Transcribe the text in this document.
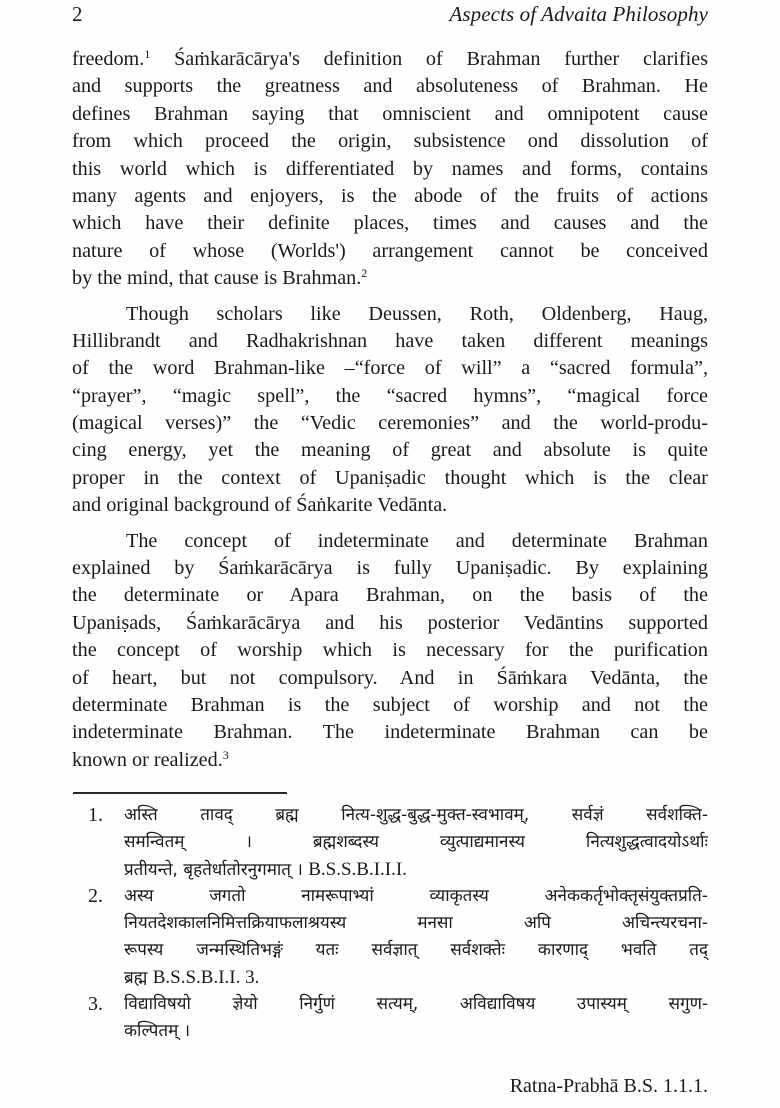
2	Aspects of Advaita Philosophy
freedom.$^1$ Śaṁkarācārya's definition of Brahman further clarifies
and supports the greatness and absoluteness of Brahman. He
defines Brahman saying that omniscient and omnipotent cause
from which proceed the origin, subsistence ond dissolution of
this world which is differentiated by names and forms, contains
many agents and enjoyers, is the abode of the fruits of actions
which have their definite places, times and causes and the
nature of whose (Worlds') arrangement cannot be conceived
by the mind, that cause is Brahman.$^2$
Though scholars like Deussen, Roth, Oldenberg, Haug,
Hillibrandt and Radhakrishnan have taken different meanings
of the word Brahman-like –“force of will” a “sacred formula”,
“prayer”, “magic spell”, the “sacred hymns”, “magical force
(magical verses)” the “Vedic ceremonies” and the world-produ-
cing energy, yet the meaning of great and absolute is quite
proper in the context of Upaniṣadic thought which is the clear
and original background of Śaṅkarite Vedānta.
The concept of indeterminate and determinate Brahman
explained by Śaṁkarācārya is fully Upaniṣadic. By explaining
the determinate or Apara Brahman, on the basis of the
Upaniṣads, Śaṁkarācārya and his posterior Vedāntins supported
the concept of worship which is necessary for the purification
of heart, but not compulsory. And in Śāṁkara Vedānta, the
determinate Brahman is the subject of worship and not the
indeterminate Brahman. The indeterminate Brahman can be
known or realized.$^3$
1. अस्ति तावद् ब्रह्म नित्य-शुद्ध-बुद्ध-मुक्त-स्वभावम्, सर्वज्ञं सर्वशक्ति-
समन्वितम् । ब्रह्मशब्दस्य व्युत्पाद्यमानस्य नित्यशुद्धत्वादयोऽर्थाः
प्रतीयन्ते, बृहतेर्धातोरनुगमात् । B.S.S.B.I.I.I.
2. अस्य जगतो नामरूपाभ्यां व्याकृतस्य अनेककर्तृभोक्तृसंयुक्तप्रति-
नियतदेशकालनिमित्तक्रियाफलाश्रयस्य मनसा अपि अचिन्त्यरचना-
रूपस्य जन्मस्थितिभङ्गं यतः सर्वज्ञात् सर्वशक्तेः कारणाद् भवति तद्
ब्रह्म B.S.S.B.I.I. 3.
3. विद्याविषयो ज्ञेयो निर्गुणं सत्यम्, अविद्याविषय उपास्यम् सगुण-
कल्पितम् ।
Ratna-Prabhā B.S. 1.1.1.
